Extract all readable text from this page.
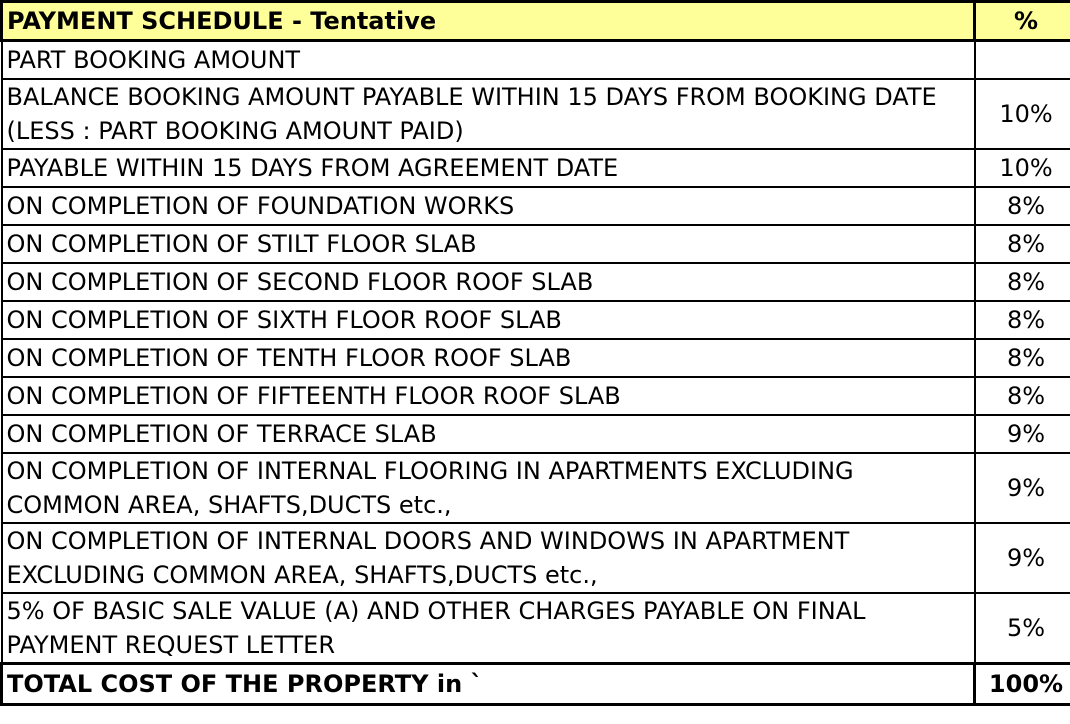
PAYMENT SCHEDULE - Tentative	%
PART BOOKING AMOUNT	
BALANCE BOOKING AMOUNT PAYABLE WITHIN 15 DAYS FROM BOOKING DATE (LESS : PART BOOKING AMOUNT PAID)	10%
PAYABLE WITHIN 15 DAYS FROM AGREEMENT DATE	10%
ON COMPLETION OF FOUNDATION WORKS	8%
ON COMPLETION OF STILT FLOOR SLAB	8%
ON COMPLETION OF SECOND FLOOR ROOF SLAB	8%
ON COMPLETION OF SIXTH FLOOR ROOF SLAB	8%
ON COMPLETION OF TENTH FLOOR ROOF SLAB	8%
ON COMPLETION OF FIFTEENTH FLOOR ROOF SLAB	8%
ON COMPLETION OF TERRACE SLAB	9%
ON COMPLETION OF INTERNAL FLOORING IN APARTMENTS EXCLUDING COMMON AREA, SHAFTS,DUCTS etc.,	9%
ON COMPLETION OF INTERNAL DOORS AND WINDOWS IN APARTMENT EXCLUDING COMMON AREA, SHAFTS,DUCTS etc.,	9%
5% OF BASIC SALE VALUE (A) AND OTHER CHARGES PAYABLE ON FINAL PAYMENT REQUEST LETTER	5%
TOTAL COST OF THE PROPERTY in `	100%
